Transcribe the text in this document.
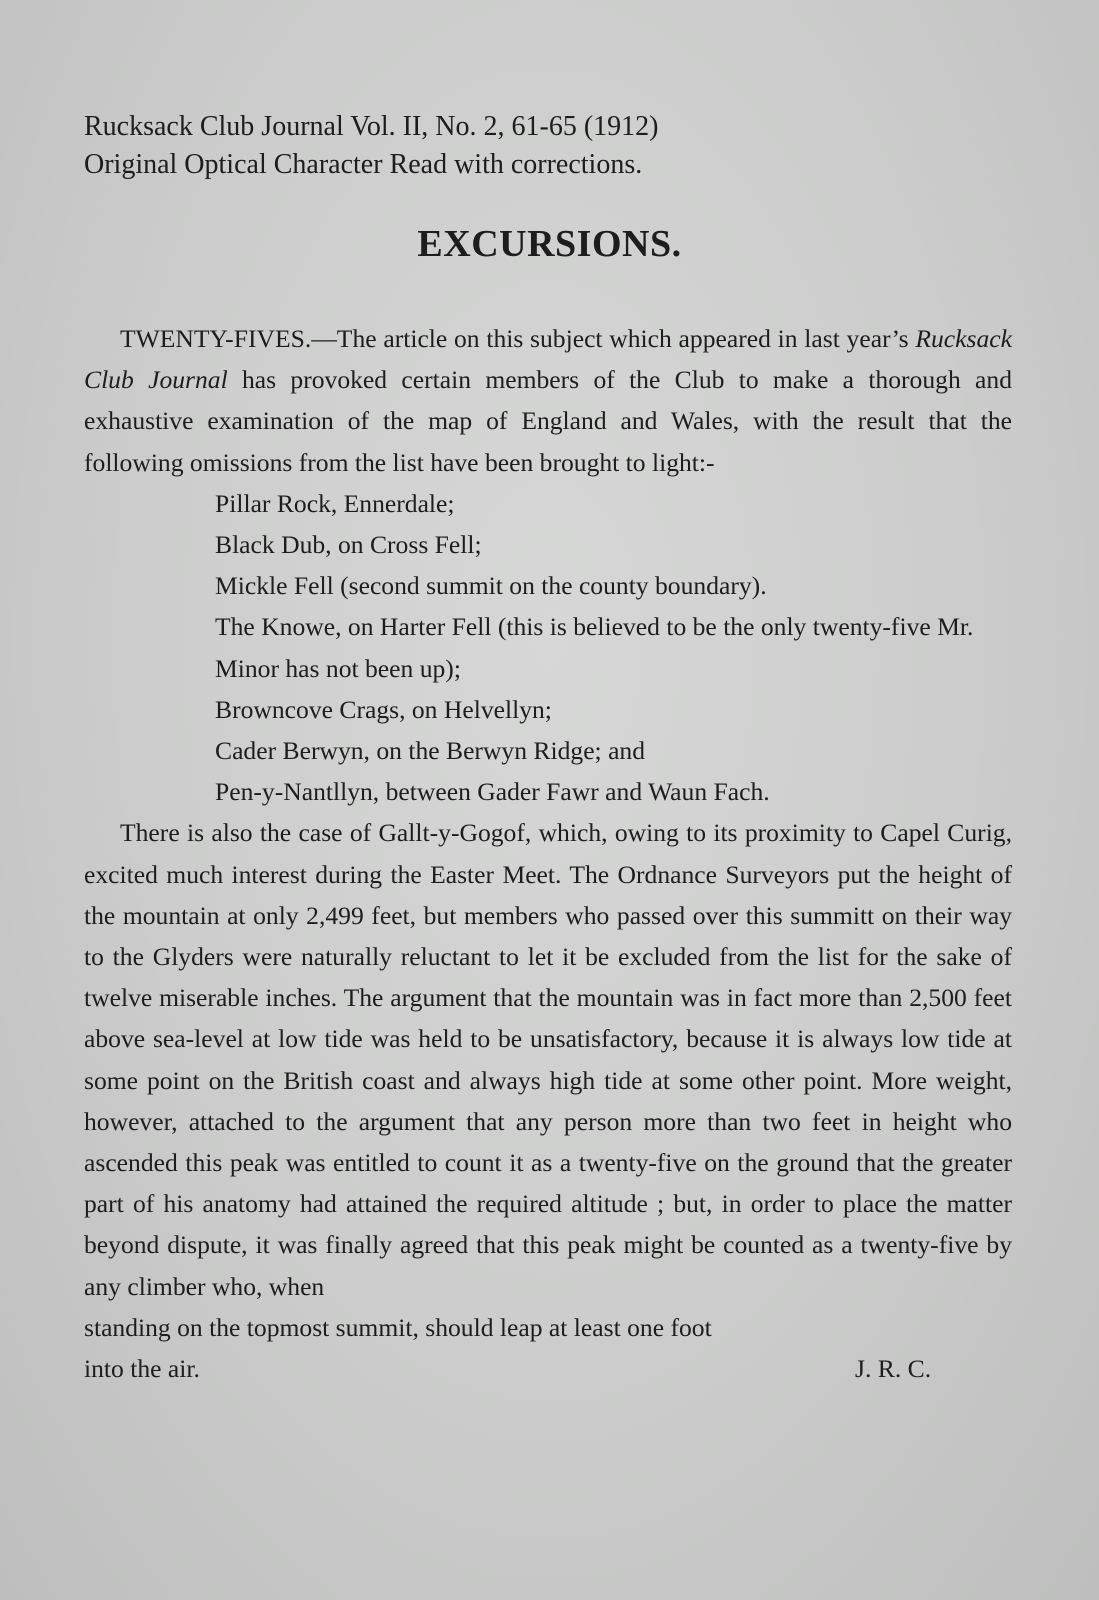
Rucksack Club Journal Vol. II, No. 2, 61-65 (1912)
Original Optical Character Read with corrections.
EXCURSIONS.

TWENTY-FIVES.—The article on this subject which appeared in last year’s Rucksack Club Journal has provoked certain members of the Club to make a thorough and exhaustive examination of the map of England and Wales, with the result that the following omissions from the list have been brought to light:-

Pillar Rock, Ennerdale;
Black Dub, on Cross Fell;
Mickle Fell (second summit on the county boundary).
The Knowe, on Harter Fell (this is believed to be the only twenty-five Mr. Minor has not been up);
Browncove Crags, on Helvellyn;
Cader Berwyn, on the Berwyn Ridge; and
Pen-y-Nantllyn, between Gader Fawr and Waun Fach.

There is also the case of Gallt-y-Gogof, which, owing to its proximity to Capel Curig, excited much interest during the Easter Meet. The Ordnance Surveyors put the height of the mountain at only 2,499 feet, but members who passed over this summitt on their way to the Glyders were naturally reluctant to let it be excluded from the list for the sake of twelve miserable inches. The argument that the mountain was in fact more than 2,500 feet above sea-level at low tide was held to be unsatisfactory, because it is always low tide at some point on the British coast and always high tide at some other point. More weight, however, attached to the argument that any person more than two feet in height who ascended this peak was entitled to count it as a twenty-five on the ground that the greater part of his anatomy had attained the required altitude ; but, in order to place the matter beyond dispute, it was finally agreed that this peak might be counted as a twenty-five by any climber who, when

standing on the topmost summit, should leap at least one foot

into the air.	J. R. C.
